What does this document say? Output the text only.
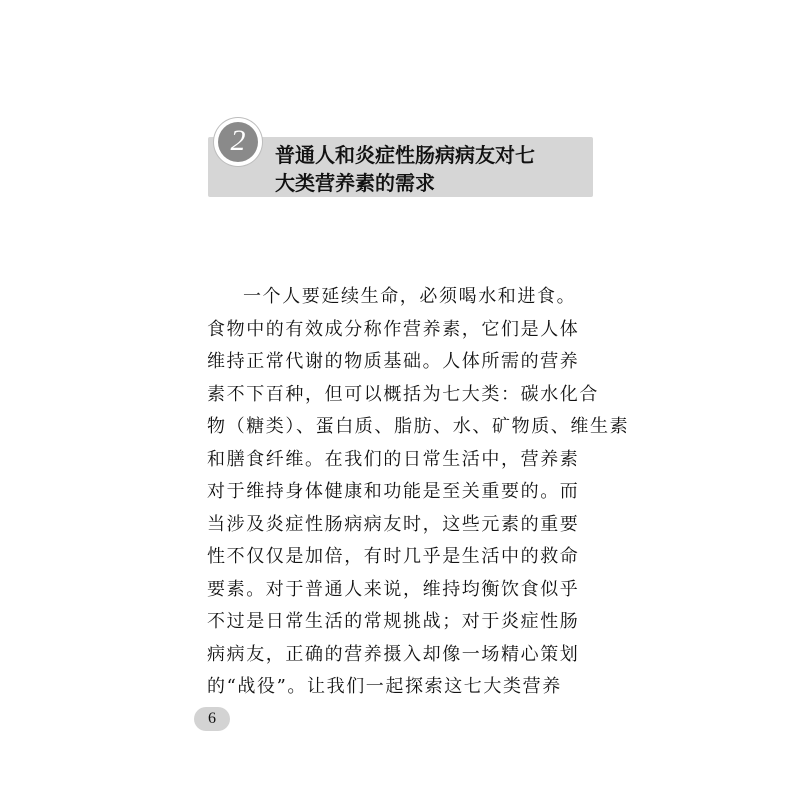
2 普通人和炎症性肠病病友对七
大类营养素的需求

一个人要延续生命，必须喝水和进食。
食物中的有效成分称作营养素，它们是人体
维持正常代谢的物质基础。人体所需的营养
素不下百种，但可以概括为七大类：碳水化合
物（糖类）、蛋白质、脂肪、水、矿物质、维生素
和膳食纤维。在我们的日常生活中，营养素
对于维持身体健康和功能是至关重要的。而
当涉及炎症性肠病病友时，这些元素的重要
性不仅仅是加倍，有时几乎是生活中的救命
要素。对于普通人来说，维持均衡饮食似乎
不过是日常生活的常规挑战；对于炎症性肠
病病友，正确的营养摄入却像一场精心策划
的“战役”。让我们一起探索这七大类营养

6
